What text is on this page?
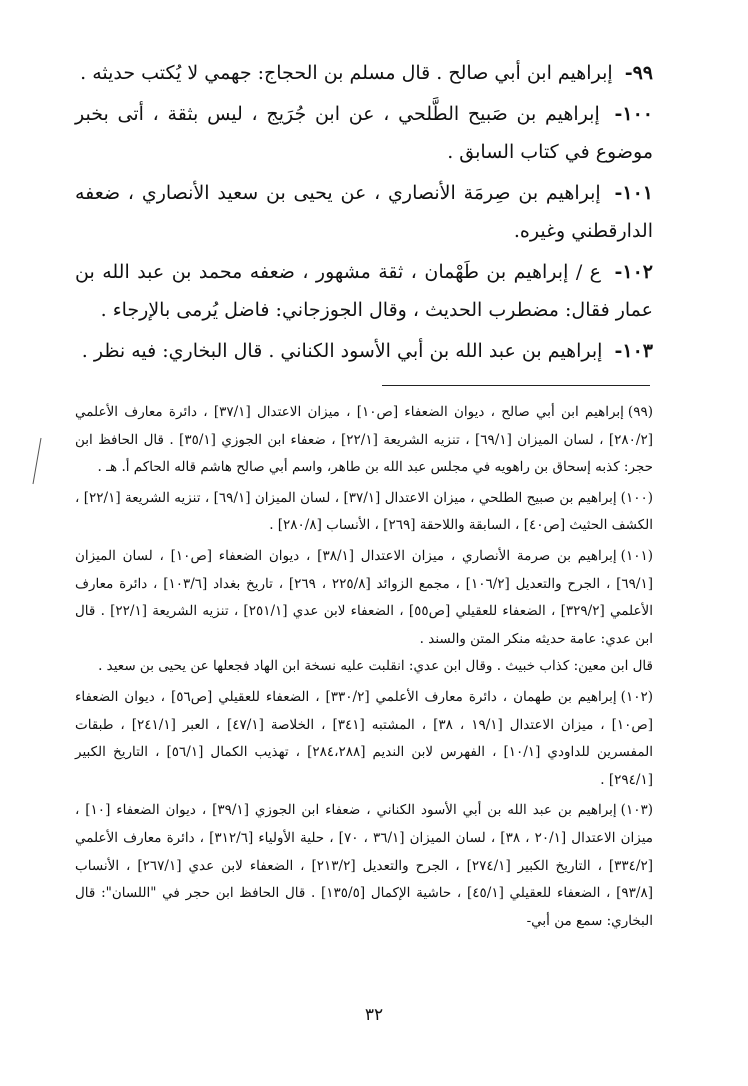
٩٩- إبراهيم ابن أبي صالح . قال مسلم بن الحجاج: جهمي لا يُكتب حديثه .

١٠٠- إبراهيم بن صَبيح الطَّلحي ، عن ابن جُرَيج ، ليس بثقة ، أتى بخبر موضوع في كتاب السابق .

١٠١- إبراهيم بن صِرمَة الأنصاري ، عن يحيى بن سعيد الأنصاري ، ضعفه الدارقطني وغيره.

١٠٢- ع / إبراهيم بن طَهْمان ، ثقة مشهور ، ضعفه محمد بن عبد الله بن عمار فقال: مضطرب الحديث ، وقال الجوزجاني: فاضل يُرمى بالإرجاء .

١٠٣- إبراهيم بن عبد الله بن أبي الأسود الكناني . قال البخاري: فيه نظر .

(٩٩)إبراهيم ابن أبي صالح ، ديوان الضعفاء [ص١٠] ، ميزان الاعتدال [٣٧/١] ، دائرة معارف الأعلمي [٢٨٠/٢] ، لسان الميزان [٦٩/١] ، تنزيه الشريعة [٢٢/١] ، ضعفاء ابن الجوزي [٣٥/١] . قال الحافظ ابن حجر: كذبه إسحاق بن راهويه في مجلس عبد الله بن طاهر، واسم أبي صالح هاشم قاله الحاكم أ. هـ .
(١٠٠)إبراهيم بن صبيح الطلحي ، ميزان الاعتدال [٣٧/١] ، لسان الميزان [٦٩/١] ، تنزيه الشريعة [٢٢/١] ، الكشف الحثيث [ص٤٠] ، السابقة واللاحقة [٢٦٩] ، الأنساب [٢٨٠/٨] .
(١٠١)إبراهيم بن صرمة الأنصاري ، ميزان الاعتدال [٣٨/١] ، ديوان الضعفاء [ص١٠] ، لسان الميزان [٦٩/١] ، الجرح والتعديل [١٠٦/٢] ، مجمع الزوائد [٢٢٥/٨ ، ٢٦٩] ، تاريخ بغداد [١٠٣/٦] ، دائرة معارف الأعلمي [٣٢٩/٢] ، الضعفاء للعقيلي [ص٥٥] ، الضعفاء لابن عدي [٢٥١/١] ، تنزيه الشريعة [٢٢/١] . قال ابن عدي: عامة حديثه منكر المتن والسند .
قال ابن معين: كذاب خبيث . وقال ابن عدي: انقلبت عليه نسخة ابن الهاد فجعلها عن يحيى بن سعيد .
(١٠٢)إبراهيم بن طهمان ، دائرة معارف الأعلمي [٣٣٠/٢] ، الضعفاء للعقيلي [ص٥٦] ، ديوان الضعفاء [ص١٠] ، ميزان الاعتدال [١٩/١ ، ٣٨] ، المشتبه [٣٤١] ، الخلاصة [٤٧/١] ، العبر [٢٤١/١] ، طبقات المفسرين للداودي [١٠/١] ، الفهرس لابن النديم [٢٨٤،٢٨٨] ، تهذيب الكمال [٥٦/١] ، التاريخ الكبير [٢٩٤/١] .
(١٠٣)إبراهيم بن عبد الله بن أبي الأسود الكناني ، ضعفاء ابن الجوزي [٣٩/١] ، ديوان الضعفاء [١٠] ، ميزان الاعتدال [٢٠/١ ، ٣٨] ، لسان الميزان [٣٦/١ ، ٧٠] ، حلية الأولياء [٣١٢/٦] ، دائرة معارف الأعلمي [٣٣٤/٢] ، التاريخ الكبير [٢٧٤/١] ، الجرح والتعديل [٢١٣/٢] ، الضعفاء لابن عدي [٢٦٧/١] ، الأنساب [٩٣/٨] ، الضعفاء للعقيلي [٤٥/١] ، حاشية الإكمال [١٣٥/٥] . قال الحافظ ابن حجر في "اللسان": قال البخاري: سمع من أبي-
٣٢
